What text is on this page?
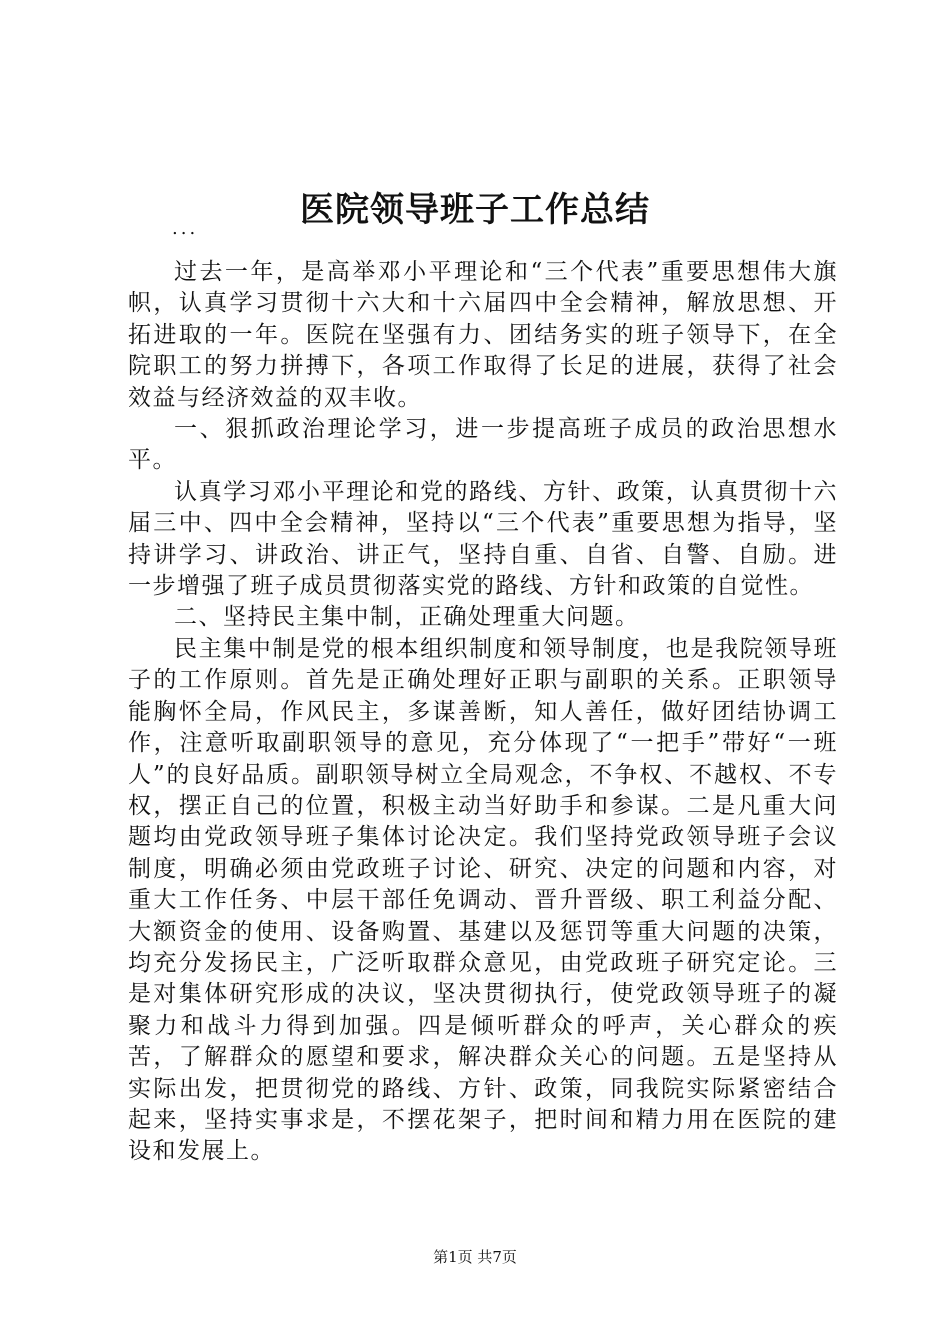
医院领导班子工作总结
...

过去一年，是高举邓小平理论和“三个代表”重要思想伟大旗帜，认真学习贯彻十六大和十六届四中全会精神，解放思想、开拓进取的一年。医院在坚强有力、团结务实的班子领导下，在全院职工的努力拼搏下，各项工作取得了长足的进展，获得了社会效益与经济效益的双丰收。

一、狠抓政治理论学习，进一步提高班子成员的政治思想水平。

认真学习邓小平理论和党的路线、方针、政策，认真贯彻十六届三中、四中全会精神，坚持以“三个代表”重要思想为指导，坚持讲学习、讲政治、讲正气，坚持自重、自省、自警、自励。进一步增强了班子成员贯彻落实党的路线、方针和政策的自觉性。

二、坚持民主集中制，正确处理重大问题。

民主集中制是党的根本组织制度和领导制度，也是我院领导班子的工作原则。首先是正确处理好正职与副职的关系。正职领导能胸怀全局，作风民主，多谋善断，知人善任，做好团结协调工作，注意听取副职领导的意见，充分体现了“一把手”带好“一班人”的良好品质。副职领导树立全局观念，不争权、不越权、不专权，摆正自己的位置，积极主动当好助手和参谋。二是凡重大问题均由党政领导班子集体讨论决定。我们坚持党政领导班子会议制度，明确必须由党政班子讨论、研究、决定的问题和内容，对重大工作任务、中层干部任免调动、晋升晋级、职工利益分配、大额资金的使用、设备购置、基建以及惩罚等重大问题的决策，均充分发扬民主，广泛听取群众意见，由党政班子研究定论。三是对集体研究形成的决议，坚决贯彻执行，使党政领导班子的凝聚力和战斗力得到加强。四是倾听群众的呼声，关心群众的疾苦，了解群众的愿望和要求，解决群众关心的问题。五是坚持从实际出发，把贯彻党的路线、方针、政策，同我院实际紧密结合起来，坚持实事求是，不摆花架子，把时间和精力用在医院的建设和发展上。

第1页 共7页
